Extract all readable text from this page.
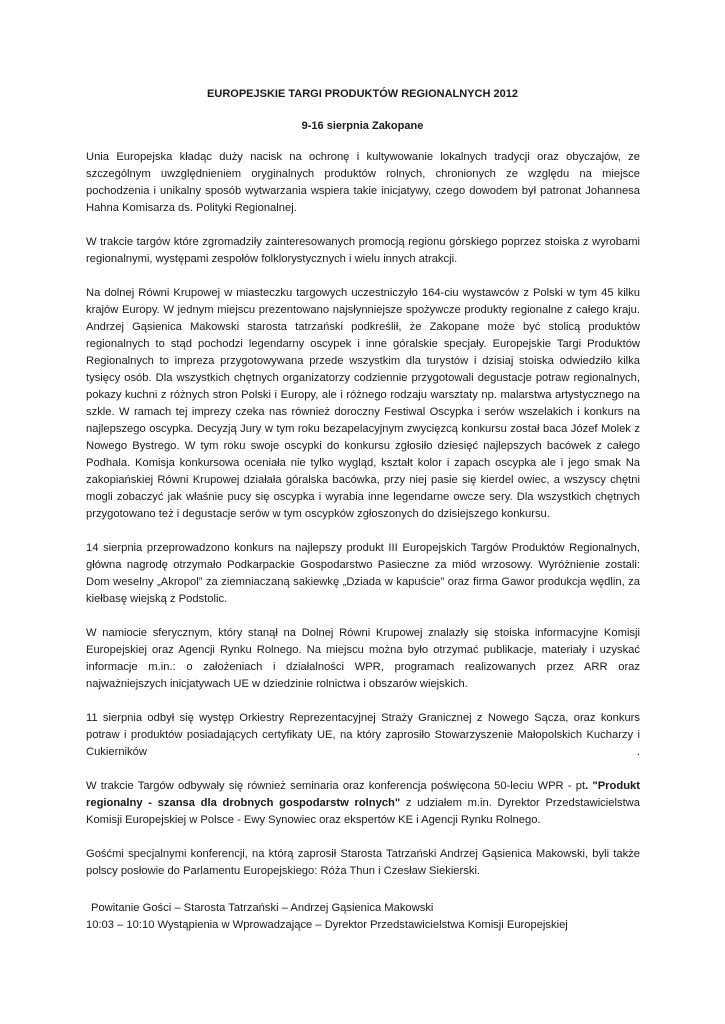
EUROPEJSKIE TARGI PRODUKTÓW REGIONALNYCH 2012
9-16 sierpnia Zakopane

Unia Europejska kładąc duży nacisk na ochronę i kultywowanie lokalnych tradycji oraz obyczajów, ze szczególnym uwzględnieniem oryginalnych produktów rolnych, chronionych ze względu na miejsce pochodzenia i unikalny sposób wytwarzania wspiera takie inicjatywy, czego dowodem był patronat Johannesa Hahna Komisarza ds. Polityki Regionalnej.

W trakcie targów które zgromadziły zainteresowanych promocją regionu górskiego poprzez stoiska z wyrobami regionalnymi, występami zespołów folklorystycznych i wielu innych atrakcji.

Na dolnej Równi Krupowej w miasteczku targowych uczestniczyło 164-ciu wystawców z Polski w tym 45 kilku krajów Europy. W jednym miejscu prezentowano najsłynniejsze spożywcze produkty regionalne z całego kraju. Andrzej Gąsienica Makowski starosta tatrzański podkreślił, że Zakopane może być stolicą produktów regionalnych to stąd pochodzi legendarny oscypek i inne góralskie specjały. Europejskie Targi Produktów Regionalnych to impreza przygotowywana przede wszystkim dla turystów i dzisiaj stoiska odwiedziło kilka tysięcy osób. Dla wszystkich chętnych organizatorzy codziennie przygotowali degustacje potraw regionalnych, pokazy kuchni z różnych stron Polski i Europy, ale i różnego rodzaju warsztaty np. malarstwa artystycznego na szkle. W ramach tej imprezy czeka nas również doroczny Festiwal Oscypka i serów wszelakich i konkurs na najlepszego oscypka. Decyzją Jury w tym roku bezapelacyjnym zwycięzcą konkursu został baca Józef Molek z Nowego Bystrego. W tym roku swoje oscypki do konkursu zgłosiło dziesięć najlepszych bacówek z całego Podhala. Komisja konkursowa oceniała nie tylko wygląd, kształt kolor i zapach oscypka ale i jego smak Na zakopiańskiej Równi Krupowej działała góralska bacówka, przy niej pasie się kierdel owiec, a wszyscy chętni mogli zobaczyć jak właśnie pucy się oscypka i wyrabia inne legendarne owcze sery. Dla wszystkich chętnych przygotowano też i degustacje serów w tym oscypków zgłoszonych do dzisiejszego konkursu.

14 sierpnia przeprowadzono konkurs na najlepszy produkt III Europejskich Targów Produktów Regionalnych, główna nagrodę otrzymało Podkarpackie Gospodarstwo Pasieczne za miód wrzosowy. Wyróżnienie zostali: Dom weselny „Akropol” za ziemniaczaną sakiewkę „Dziada w kapuście” oraz firma Gawor produkcja wędlin, za kiełbasę wiejską z Podstolic.

W namiocie sferycznym, który stanął na Dolnej Równi Krupowej znalazły się stoiska informacyjne Komisji Europejskiej oraz Agencji Rynku Rolnego. Na miejscu można było otrzymać publikacje, materiały i uzyskać informacje m.in.: o założeniach i działalności WPR, programach realizowanych przez ARR oraz najważniejszych inicjatywach UE w dziedzinie rolnictwa i obszarów wiejskich.

11 sierpnia odbył się występ Orkiestry Reprezentacyjnej Straży Granicznej z Nowego Sącza, oraz konkurs potraw i produktów posiadających certyfikaty UE, na który zaprosiło Stowarzyszenie Małopolskich Kucharzy i Cukierników	.

W trakcie Targów odbywały się również seminaria oraz konferencja poświęcona 50-leciu WPR - pt. "Produkt regionalny - szansa dla drobnych gospodarstw rolnych" z udziałem m.in. Dyrektor Przedstawicielstwa Komisji Europejskiej w Polsce - Ewy Synowiec oraz ekspertów KE i Agencji Rynku Rolnego.

Gośćmi specjalnymi konferencji, na którą zaprosił Starosta Tatrzański Andrzej Gąsienica Makowski, byli także polscy posłowie do Parlamentu Europejskiego: Róża Thun i Czesław Siekierski.

Powitanie Gości – Starosta Tatrzański – Andrzej Gąsienica Makowski
10:03 – 10:10 Wystąpienia w Wprowadzające – Dyrektor Przedstawicielstwa Komisji Europejskiej
